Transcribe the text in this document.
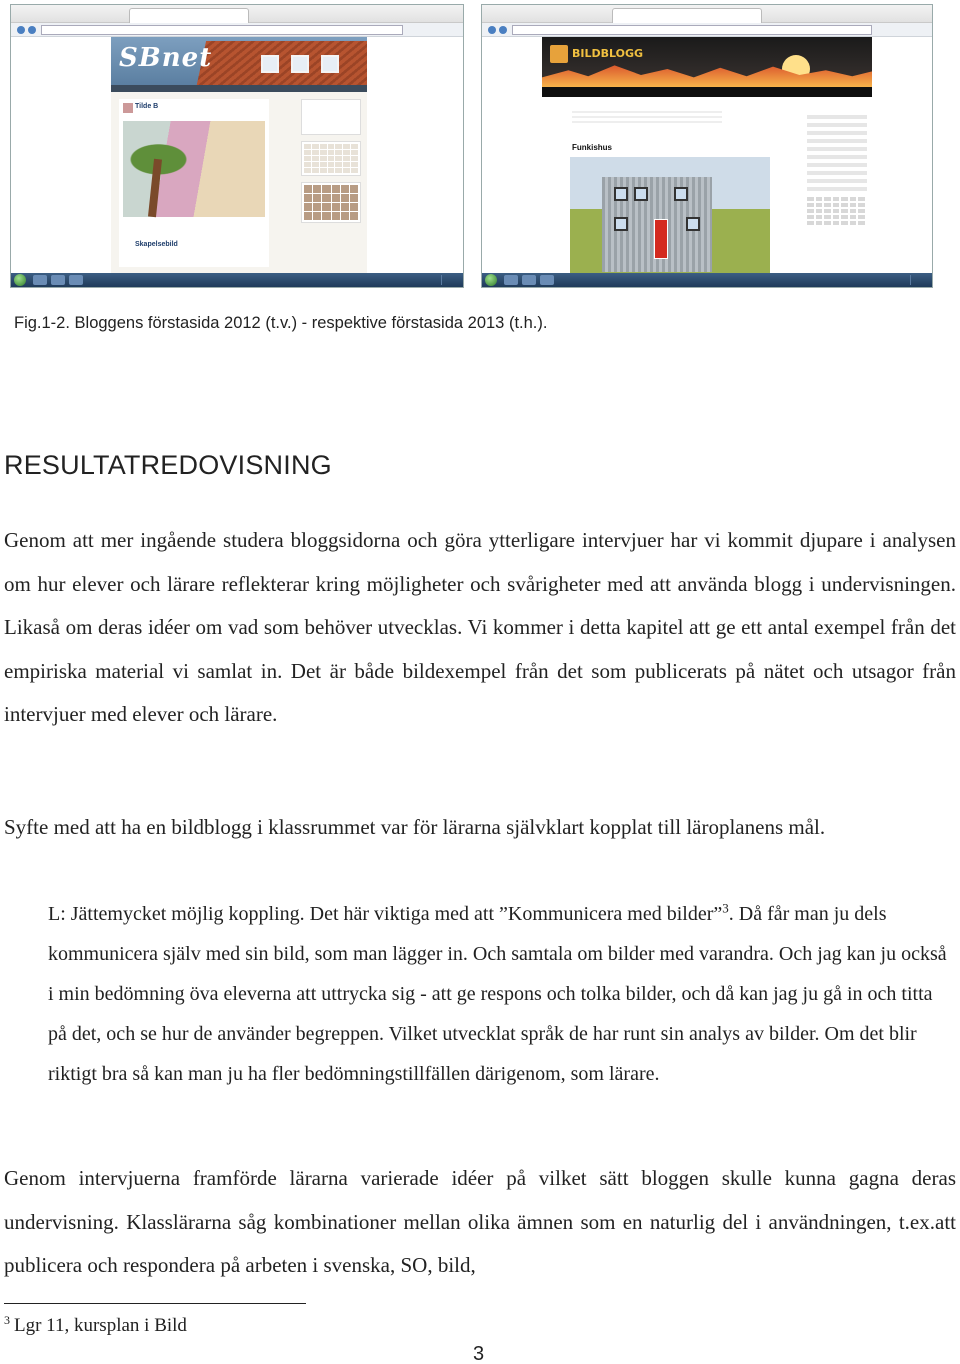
SBnet
Tilde B
Skapelsebild
BILDBLOGG
Funkishus
Fig.1-2. Bloggens förstasida 2012 (t.v.) - respektive förstasida 2013 (t.h.).
RESULTATREDOVISNING

Genom att mer ingående studera bloggsidorna och göra ytterligare intervjuer har vi kommit djupare i analysen om hur elever och lärare reflekterar kring möjligheter och svårigheter med att använda blogg i undervisningen. Likaså om deras idéer om vad som behöver utvecklas. Vi kommer i detta kapitel att ge ett antal exempel från det empiriska material vi samlat in. Det är både bildexempel från det som publicerats på nätet och utsagor från intervjuer med elever och lärare.

Syfte med att ha en bildblogg i klassrummet var för lärarna självklart kopplat till läroplanens mål.

L: Jättemycket möjlig koppling. Det här viktiga med att ”Kommunicera med bilder”$^3$. Då får man ju dels kommunicera själv med sin bild, som man lägger in. Och samtala om bilder med varandra. Och jag kan ju också i min bedömning öva eleverna att uttrycka sig - att ge respons och tolka bilder, och då kan jag ju gå in och titta på det, och se hur de använder begreppen. Vilket utvecklat språk de har runt sin analys av bilder. Om det blir riktigt bra så kan man ju ha fler bedömningstillfällen därigenom, som lärare.

Genom intervjuerna framförde lärarna varierade idéer på vilket sätt bloggen skulle kunna gagna deras undervisning. Klasslärarna såg kombinationer mellan olika ämnen som en naturlig del i användningen, t.ex.att publicera och respondera på arbeten i svenska, SO, bild,

$^3$ Lgr 11, kursplan i Bild
3
